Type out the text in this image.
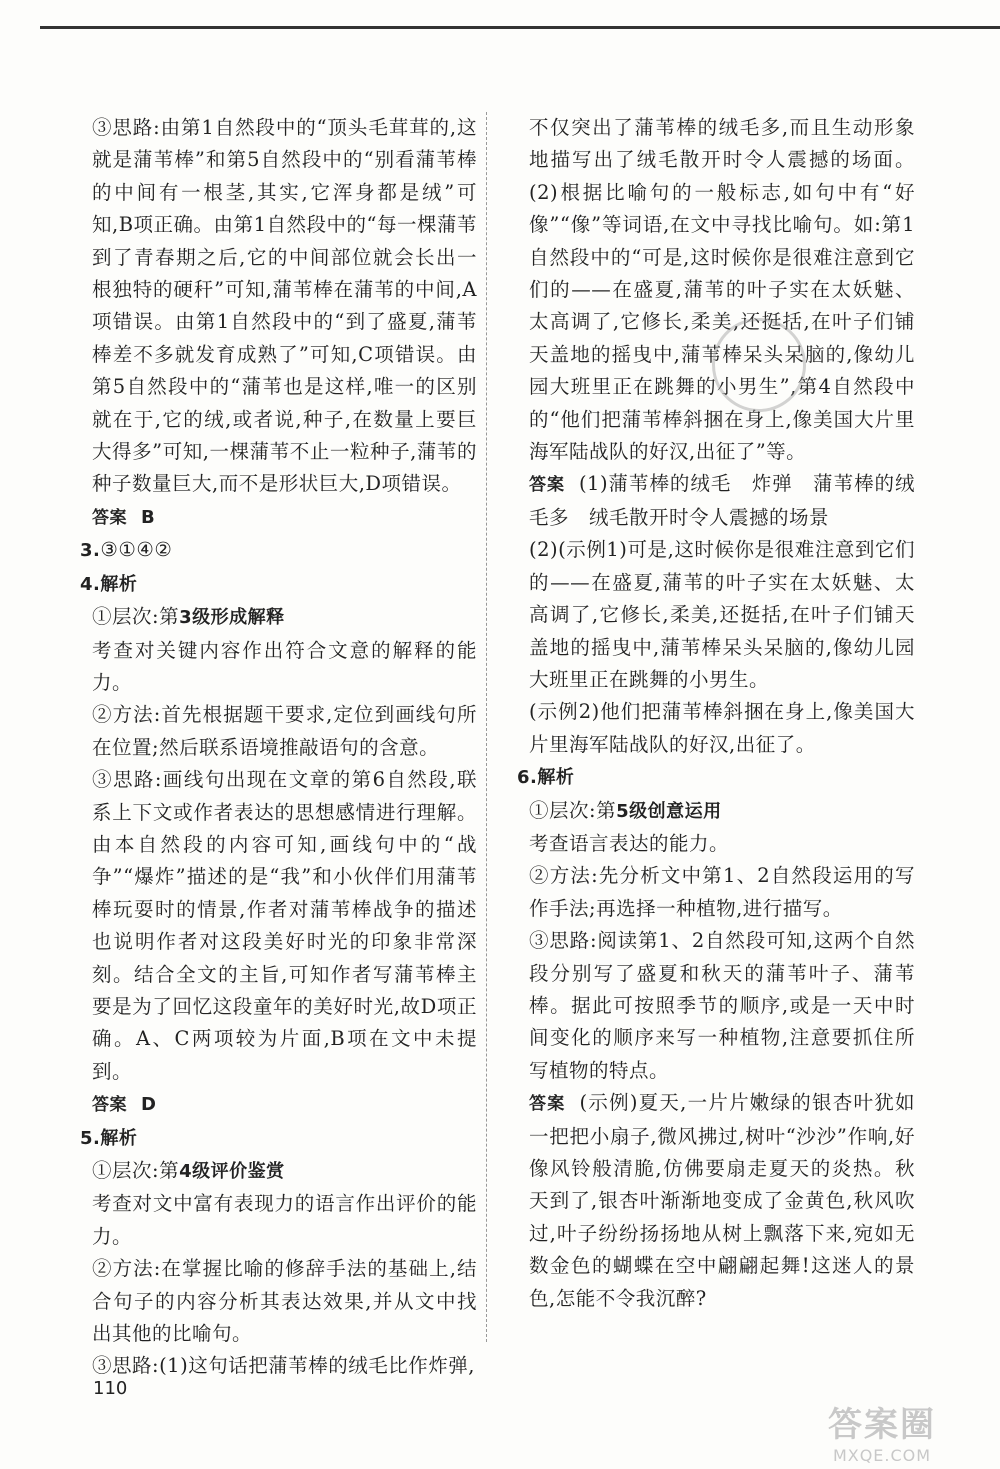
③思路:由第1自然段中的“顶头毛茸茸的,这就是蒲苇棒”和第5自然段中的“别看蒲苇棒的中间有一根茎,其实,它浑身都是绒”可知,B项正确。由第1自然段中的“每一棵蒲苇到了青春期之后,它的中间部位就会长出一根独特的硬秆”可知,蒲苇棒在蒲苇的中间,A项错误。由第1自然段中的“到了盛夏,蒲苇棒差不多就发育成熟了”可知,C项错误。由第5自然段中的“蒲苇也是这样,唯一的区别就在于,它的绒,或者说,种子,在数量上要巨大得多”可知,一棵蒲苇不止一粒种子,蒲苇的种子数量巨大,而不是形状巨大,D项错误。

答案 B

3.③①④②

4.解析

①层次:第3级形成解释

考查对关键内容作出符合文意的解释的能力。

②方法:首先根据题干要求,定位到画线句所在位置;然后联系语境推敲语句的含意。

③思路:画线句出现在文章的第6自然段,联系上下文或作者表达的思想感情进行理解。由本自然段的内容可知,画线句中的“战争”“爆炸”描述的是“我”和小伙伴们用蒲苇棒玩耍时的情景,作者对蒲苇棒战争的描述也说明作者对这段美好时光的印象非常深刻。结合全文的主旨,可知作者写蒲苇棒主要是为了回忆这段童年的美好时光,故D项正确。A、C两项较为片面,B项在文中未提到。

答案 D

5.解析

①层次:第4级评价鉴赏

考查对文中富有表现力的语言作出评价的能力。

②方法:在掌握比喻的修辞手法的基础上,结合句子的内容分析其表达效果,并从文中找出其他的比喻句。

③思路:(1)这句话把蒲苇棒的绒毛比作炸弹,

不仅突出了蒲苇棒的绒毛多,而且生动形象地描写出了绒毛散开时令人震撼的场面。(2)根据比喻句的一般标志,如句中有“好像”“像”等词语,在文中寻找比喻句。如:第1自然段中的“可是,这时候你是很难注意到它们的——在盛夏,蒲苇的叶子实在太妖魅、太高调了,它修长,柔美,还挺括,在叶子们铺天盖地的摇曳中,蒲苇棒呆头呆脑的,像幼儿园大班里正在跳舞的小男生”,第4自然段中的“他们把蒲苇棒斜捆在身上,像美国大片里海军陆战队的好汉,出征了”等。

答案 (1)蒲苇棒的绒毛　炸弹　蒲苇棒的绒毛多　绒毛散开时令人震撼的场景

(2)(示例1)可是,这时候你是很难注意到它们的——在盛夏,蒲苇的叶子实在太妖魅、太高调了,它修长,柔美,还挺括,在叶子们铺天盖地的摇曳中,蒲苇棒呆头呆脑的,像幼儿园大班里正在跳舞的小男生。

(示例2)他们把蒲苇棒斜捆在身上,像美国大片里海军陆战队的好汉,出征了。

6.解析

①层次:第5级创意运用

考查语言表达的能力。

②方法:先分析文中第1、2自然段运用的写作手法;再选择一种植物,进行描写。

③思路:阅读第1、2自然段可知,这两个自然段分别写了盛夏和秋天的蒲苇叶子、蒲苇棒。据此可按照季节的顺序,或是一天中时间变化的顺序来写一种植物,注意要抓住所写植物的特点。

答案 (示例)夏天,一片片嫩绿的银杏叶犹如一把把小扇子,微风拂过,树叶“沙沙”作响,好像风铃般清脆,仿佛要扇走夏天的炎热。秋天到了,银杏叶渐渐地变成了金黄色,秋风吹过,叶子纷纷扬扬地从树上飘落下来,宛如无数金色的蝴蝶在空中翩翩起舞!这迷人的景色,怎能不令我沉醉?

110
答案圈
MXQE.COM
